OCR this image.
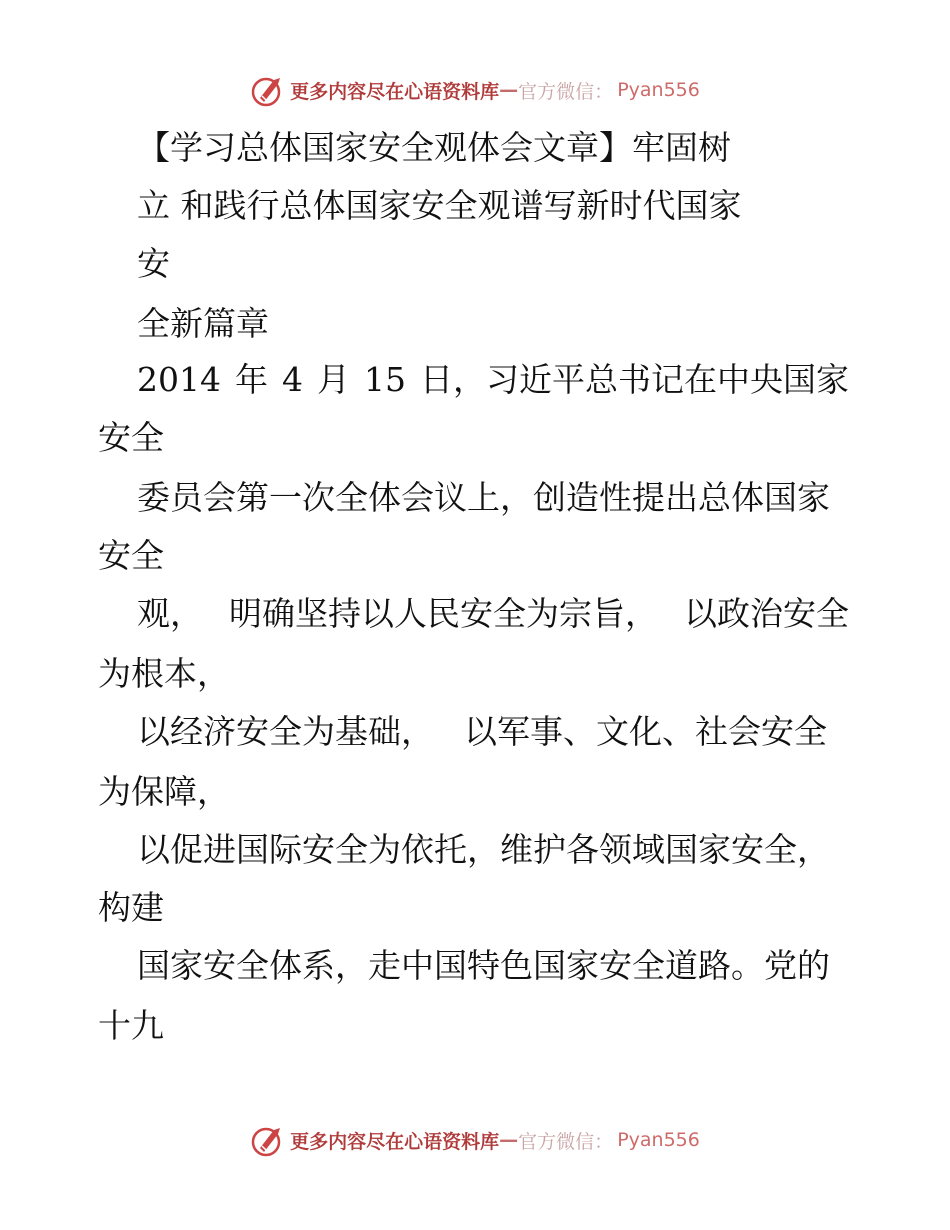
更多内容尽在心语资料库 — 官方微信： Pyan556
【学习总体国家安全观体会文章】牢固树
立 和践行总体国家安全观谱写新时代国家
安
全新篇章
2014 年 4 月 15 日，习近平总书记在中央国家
安全
委员会第一次全体会议上，创造性提出总体国家
安全
观， 明确坚持以人民安全为宗旨， 以政治安全
为根本，
以经济安全为基础， 以军事、文化、社会安全
为保障，
以促进国际安全为依托，维护各领域国家安全，
构建
国家安全体系，走中国特色国家安全道路。党的
十九
更多内容尽在心语资料库 — 官方微信： Pyan556
